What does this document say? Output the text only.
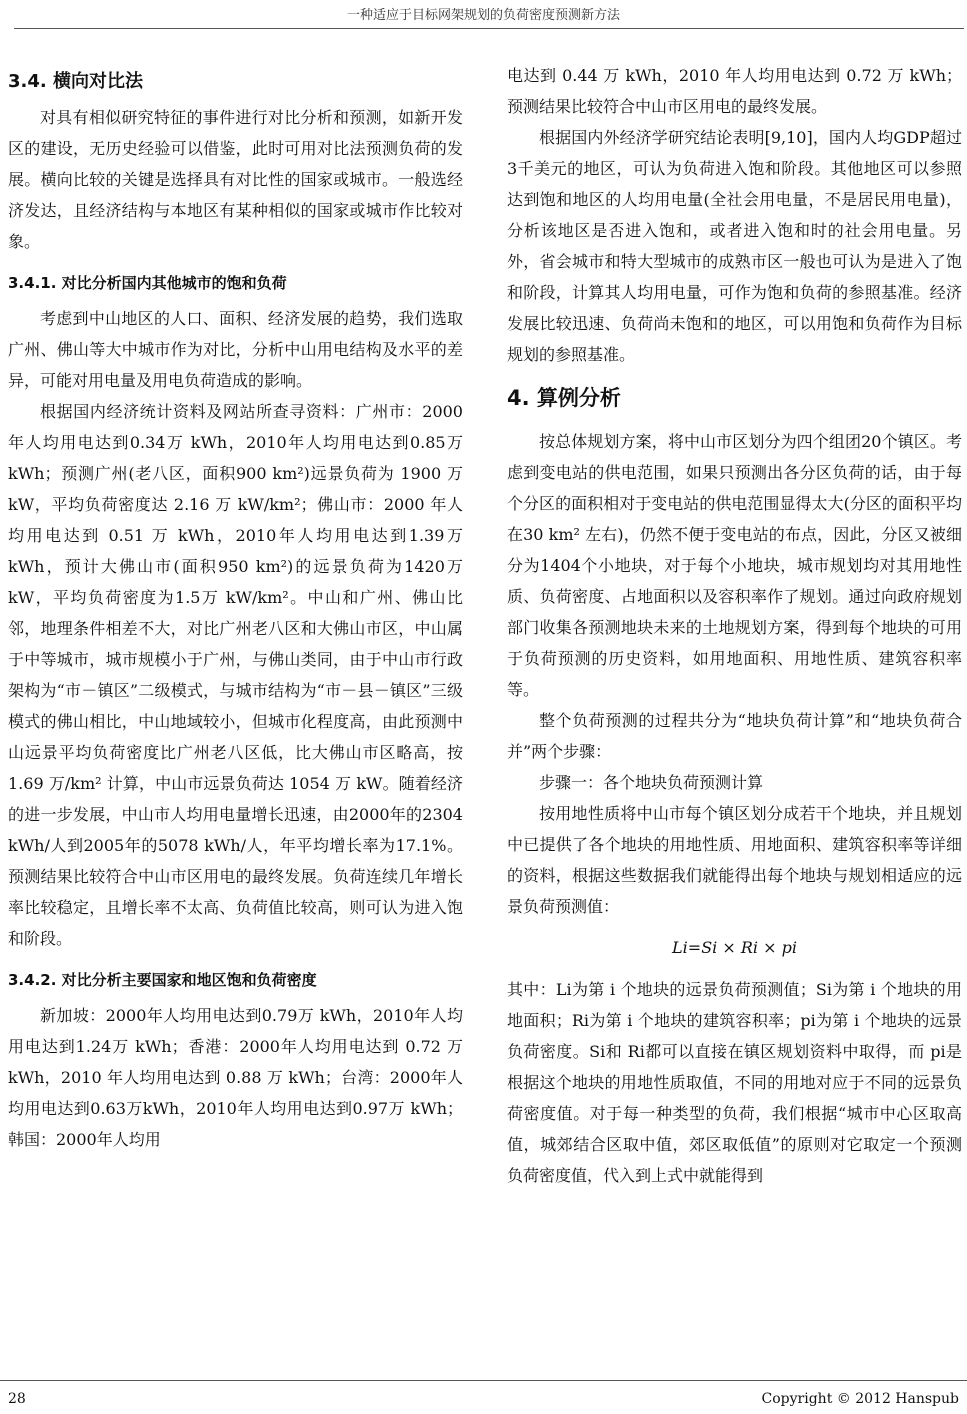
一种适应于目标网架规划的负荷密度预测新方法
3.4. 横向对比法

对具有相似研究特征的事件进行对比分析和预测，如新开发区的建设，无历史经验可以借鉴，此时可用对比法预测负荷的发展。横向比较的关键是选择具有对比性的国家或城市。一般选经济发达，且经济结构与本地区有某种相似的国家或城市作比较对象。

3.4.1. 对比分析国内其他城市的饱和负荷

考虑到中山地区的人口、面积、经济发展的趋势，我们选取广州、佛山等大中城市作为对比，分析中山用电结构及水平的差异，可能对用电量及用电负荷造成的影响。

根据国内经济统计资料及网站所查寻资料：广州市：2000年人均用电达到0.34万 kWh，2010年人均用电达到0.85万 kWh；预测广州(老八区，面积900 km²)远景负荷为 1900 万 kW，平均负荷密度达 2.16 万 kW/km²；佛山市：2000 年人均用电达到 0.51 万 kWh，2010年人均用电达到1.39万kWh，预计大佛山市(面积950 km²)的远景负荷为1420万 kW，平均负荷密度为1.5万 kW/km²。中山和广州、佛山比邻，地理条件相差不大，对比广州老八区和大佛山市区，中山属于中等城市，城市规模小于广州，与佛山类同，由于中山市行政架构为“市－镇区”二级模式，与城市结构为“市－县－镇区”三级模式的佛山相比，中山地域较小，但城市化程度高，由此预测中山远景平均负荷密度比广州老八区低，比大佛山市区略高，按1.69 万/km² 计算，中山市远景负荷达 1054 万 kW。随着经济的进一步发展，中山市人均用电量增长迅速，由2000年的2304 kWh/人到2005年的5078 kWh/人，年平均增长率为17.1%。预测结果比较符合中山市区用电的最终发展。负荷连续几年增长率比较稳定，且增长率不太高、负荷值比较高，则可认为进入饱和阶段。

3.4.2. 对比分析主要国家和地区饱和负荷密度

新加坡：2000年人均用电达到0.79万 kWh，2010年人均用电达到1.24万 kWh；香港：2000年人均用电达到 0.72 万 kWh，2010 年人均用电达到 0.88 万 kWh；台湾：2000年人均用电达到0.63万kWh，2010年人均用电达到0.97万 kWh；韩国：2000年人均用

电达到 0.44 万 kWh，2010 年人均用电达到 0.72 万 kWh；预测结果比较符合中山市区用电的最终发展。

根据国内外经济学研究结论表明[9,10]，国内人均GDP超过3千美元的地区，可认为负荷进入饱和阶段。其他地区可以参照达到饱和地区的人均用电量(全社会用电量，不是居民用电量)，分析该地区是否进入饱和，或者进入饱和时的社会用电量。另外，省会城市和特大型城市的成熟市区一般也可认为是进入了饱和阶段，计算其人均用电量，可作为饱和负荷的参照基准。经济发展比较迅速、负荷尚未饱和的地区，可以用饱和负荷作为目标规划的参照基准。

4. 算例分析

按总体规划方案，将中山市区划分为四个组团20个镇区。考虑到变电站的供电范围，如果只预测出各分区负荷的话，由于每个分区的面积相对于变电站的供电范围显得太大(分区的面积平均在30 km² 左右)，仍然不便于变电站的布点，因此，分区又被细分为1404个小地块，对于每个小地块，城市规划均对其用地性质、负荷密度、占地面积以及容积率作了规划。通过向政府规划部门收集各预测地块未来的土地规划方案，得到每个地块的可用于负荷预测的历史资料，如用地面积、用地性质、建筑容积率等。

整个负荷预测的过程共分为“地块负荷计算”和“地块负荷合并”两个步骤：

步骤一：各个地块负荷预测计算

按用地性质将中山市每个镇区划分成若干个地块，并且规划中已提供了各个地块的用地性质、用地面积、建筑容积率等详细的资料，根据这些数据我们就能得出每个地块与规划相适应的远景负荷预测值：

Li=Si × Ri × pi

其中：Li为第 i 个地块的远景负荷预测值；Si为第 i 个地块的用地面积；Ri为第 i 个地块的建筑容积率；pi为第 i 个地块的远景负荷密度。Si和 Ri都可以直接在镇区规划资料中取得，而 pi是根据这个地块的用地性质取值，不同的用地对应于不同的远景负荷密度值。对于每一种类型的负荷，我们根据“城市中心区取高值，城郊结合区取中值，郊区取低值”的原则对它取定一个预测负荷密度值，代入到上式中就能得到

28	Copyright © 2012 Hanspub
